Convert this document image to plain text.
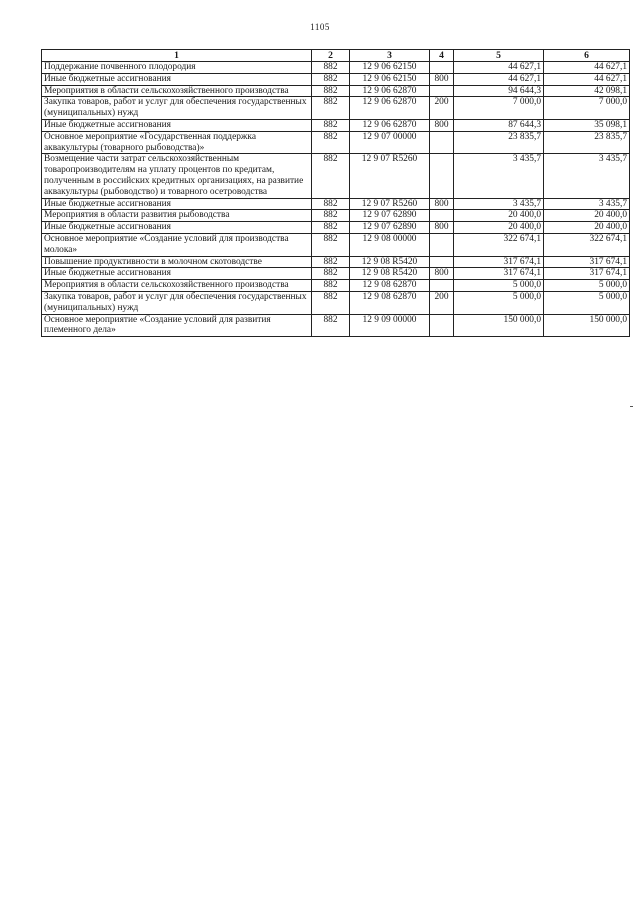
1105
1	2	3	4	5	6
Поддержание почвенного плодородия	882	12 9 06 62150		44 627,1	44 627,1
Иные бюджетные ассигнования	882	12 9 06 62150	800	44 627,1	44 627,1
Мероприятия в области сельскохозяйственного производства	882	12 9 06 62870		94 644,3	42 098,1
Закупка товаров, работ и услуг для обеспечения государственных (муниципальных) нужд	882	12 9 06 62870	200	7 000,0	7 000,0
Иные бюджетные ассигнования	882	12 9 06 62870	800	87 644,3	35 098,1
Основное мероприятие «Государственная поддержка аквакультуры (товарного рыбоводства)»	882	12 9 07 00000		23 835,7	23 835,7
Возмещение части затрат сельскохозяйственным товаропроизводителям на уплату процентов по кредитам, полученным в российских кредитных организациях, на развитие аквакультуры (рыбоводство) и товарного осетроводства	882	12 9 07 R5260		3 435,7	3 435,7
Иные бюджетные ассигнования	882	12 9 07 R5260	800	3 435,7	3 435,7
Мероприятия в области развития рыбоводства	882	12 9 07 62890		20 400,0	20 400,0
Иные бюджетные ассигнования	882	12 9 07 62890	800	20 400,0	20 400,0
Основное мероприятие «Создание условий для производства молока»	882	12 9 08 00000		322 674,1	322 674,1
Повышение продуктивности в молочном скотоводстве	882	12 9 08 R5420		317 674,1	317 674,1
Иные бюджетные ассигнования	882	12 9 08 R5420	800	317 674,1	317 674,1
Мероприятия в области сельскохозяйственного производства	882	12 9 08 62870		5 000,0	5 000,0
Закупка товаров, работ и услуг для обеспечения государственных (муниципальных) нужд	882	12 9 08 62870	200	5 000,0	5 000,0
Основное мероприятие «Создание условий для развития племенного дела»	882	12 9 09 00000		150 000,0	150 000,0
